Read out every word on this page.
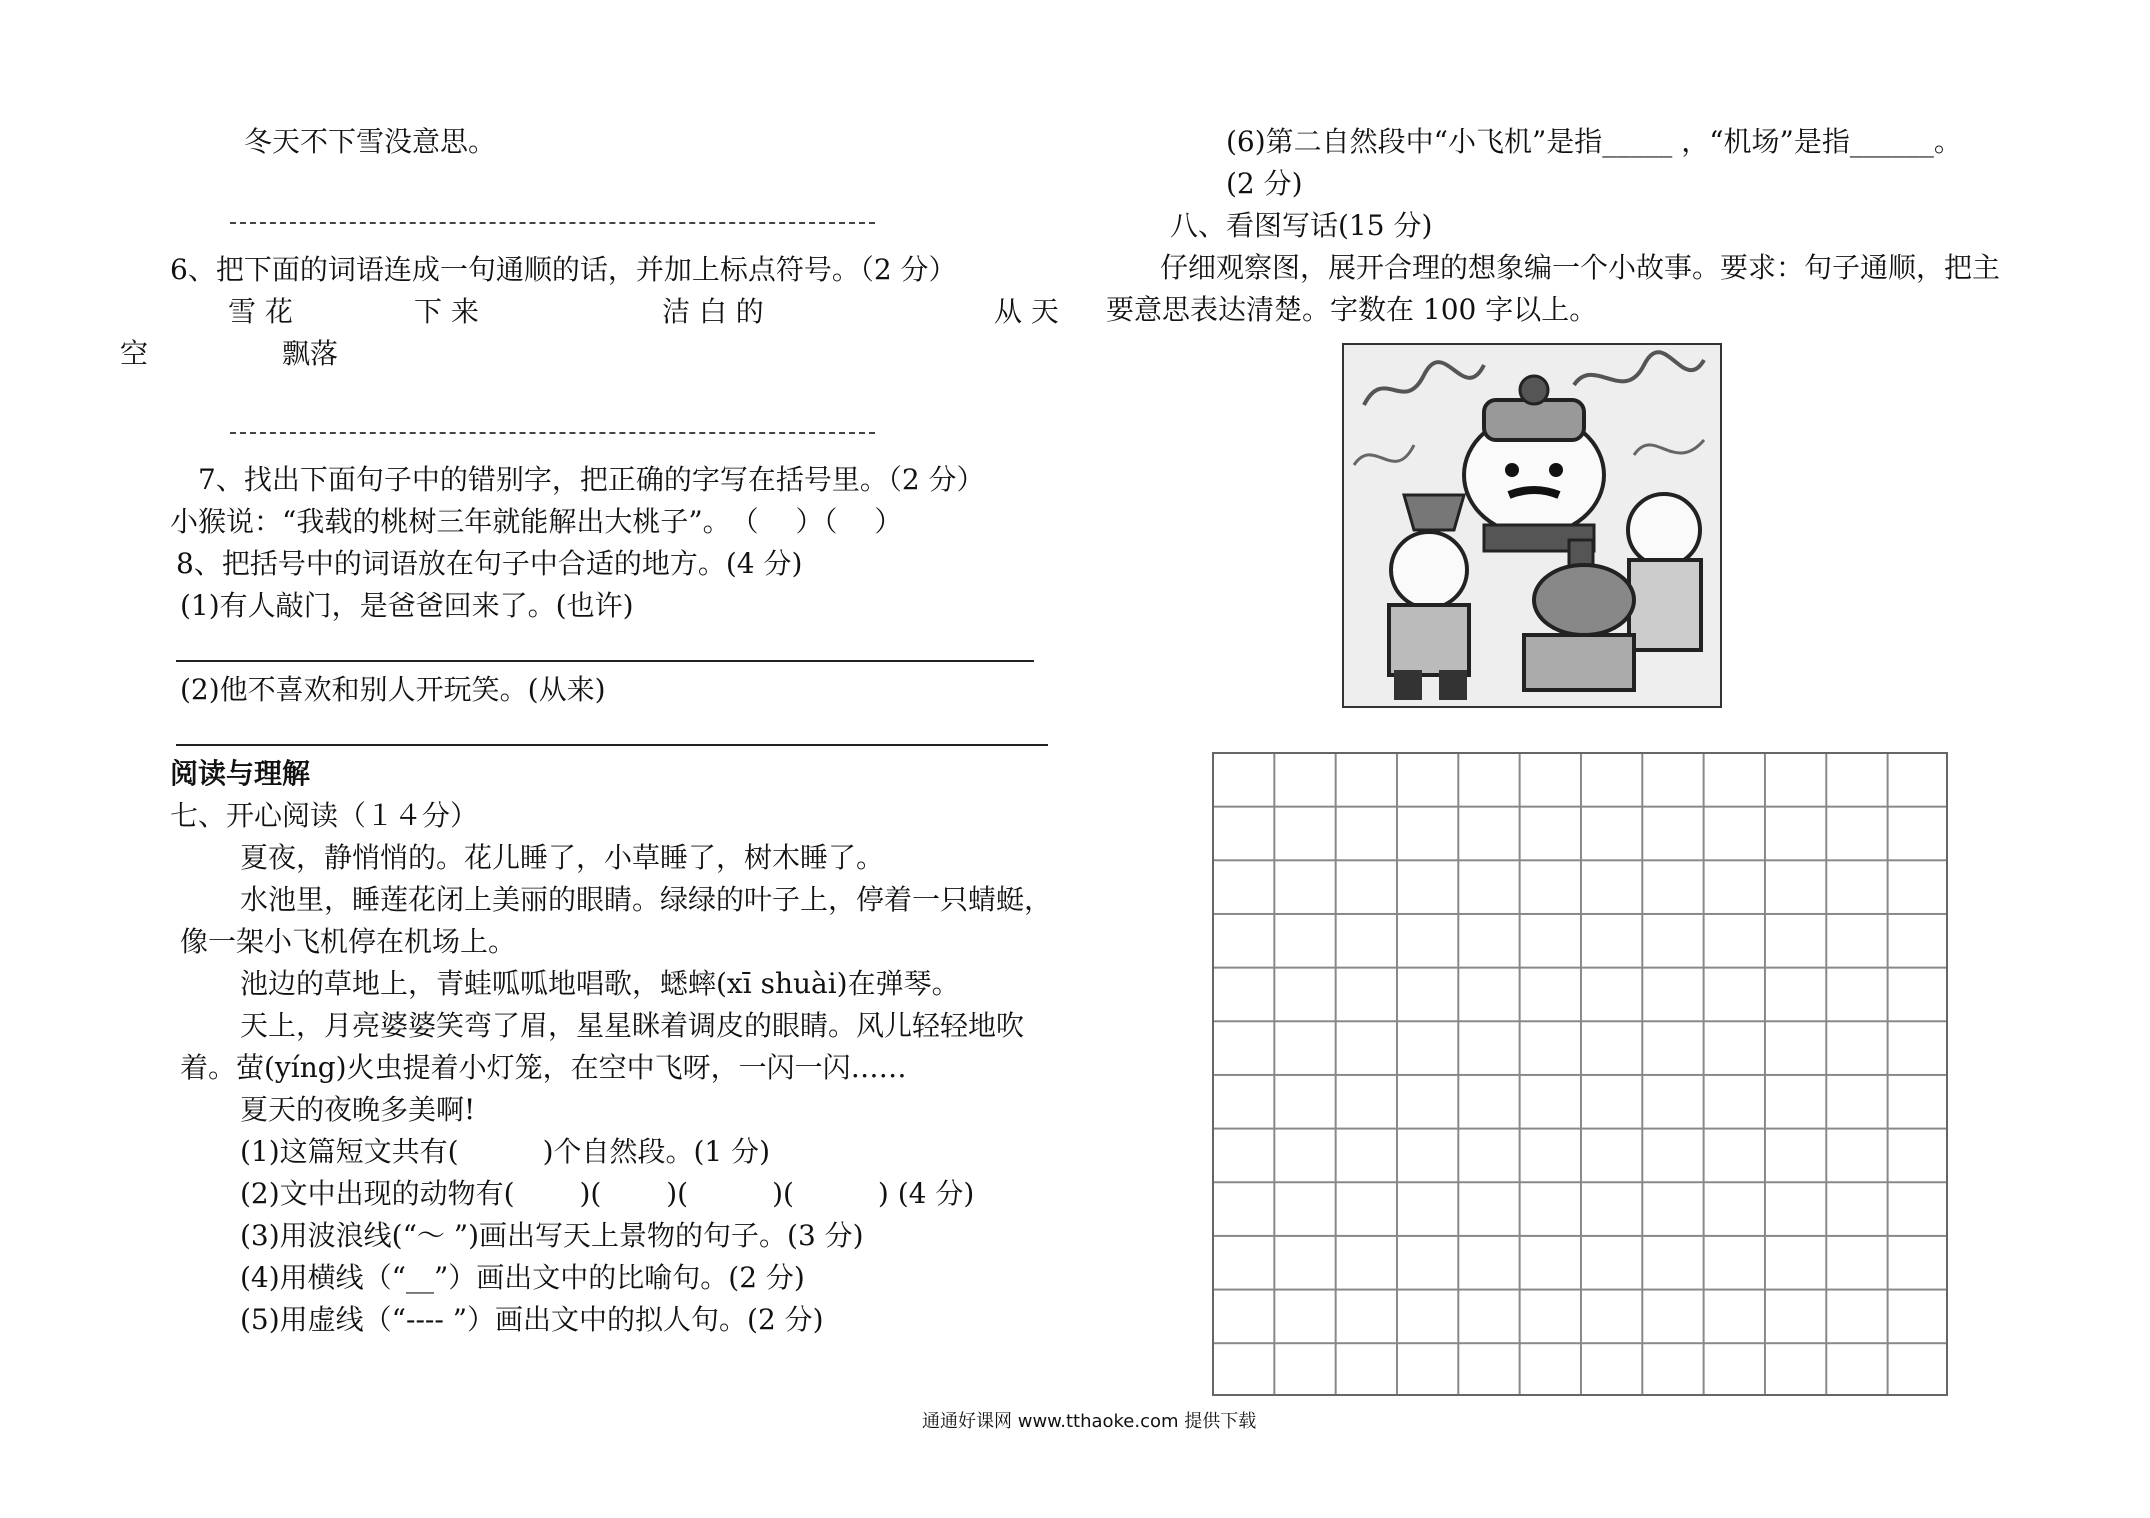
冬天不下雪没意思。
6、把下面的词语连成一句通顺的话，并加上标点符号。（2 分）
雪 花	下 来	洁 白 的	从 天
空	飘落
7、找出下面句子中的错别字，把正确的字写在括号里。（2 分）
小猴说：“我载的桃树三年就能解出大桃子”。　（　 ）（　 ）
8、把括号中的词语放在句子中合适的地方。(4 分)
(1)有人敲门，是爸爸回来了。(也许)
(2)他不喜欢和别人开玩笑。(从来)
阅读与理解
七、开心阅读（１４分）
夏夜，静悄悄的。花儿睡了，小草睡了，树木睡了。
水池里，睡莲花闭上美丽的眼睛。绿绿的叶子上，停着一只蜻蜓，
像一架小飞机停在机场上。
池边的草地上，青蛙呱呱地唱歌，蟋蟀(xī shuài)在弹琴。
天上，月亮婆婆笑弯了眉，星星眯着调皮的眼睛。风儿轻轻地吹
着。萤(yíng)火虫提着小灯笼，在空中飞呀，一闪一闪……
夏天的夜晚多美啊!
(1)这篇短文共有(　　　)个自然段。(1 分)
(2)文中出现的动物有(　　 )(　　 )(　　　)(　　　) (4 分)
(3)用波浪线(“～ ”)画出写天上景物的句子。(3 分)
(4)用横线（“__”）画出文中的比喻句。(2 分)
(5)用虚线（“---- ”）画出文中的拟人句。(2 分)
(6)第二自然段中“小飞机”是指_____ ，“机场”是指______。
(2 分)
八、看图写话(15 分)
仔细观察图，展开合理的想象编一个小故事。要求：句子通顺，把主
要意思表达清楚。字数在 100 字以上。
通通好课网 www.tthaoke.com 提供下载
